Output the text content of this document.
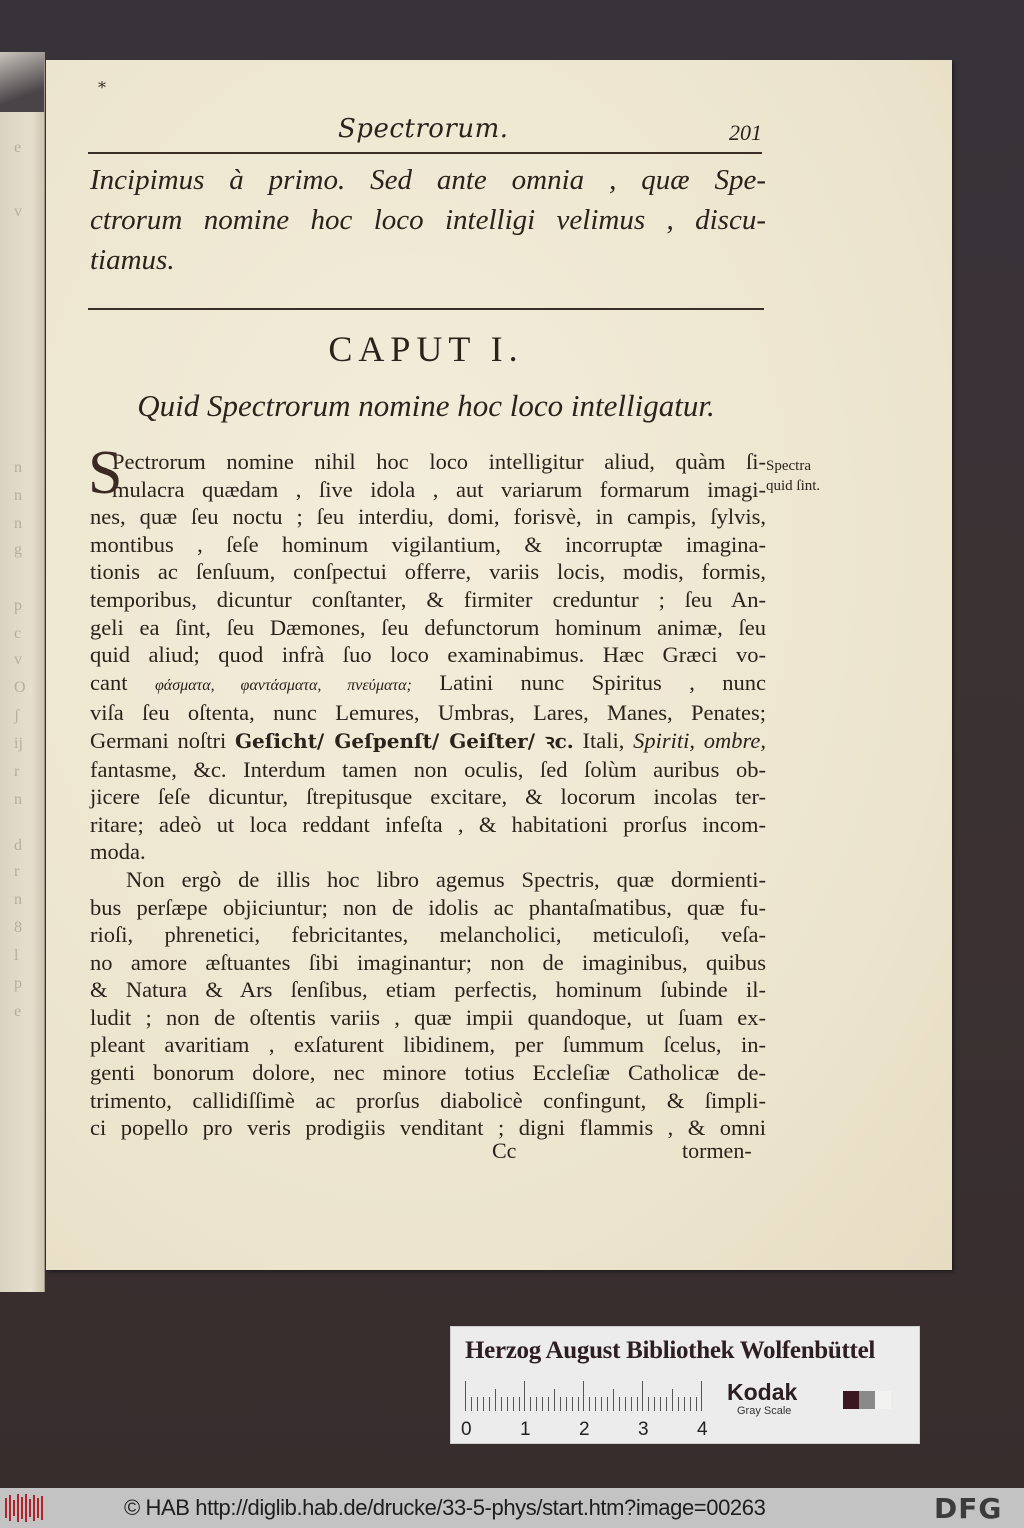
e
v
n
n
n
g
p
c
v
O
ʃ
ij
r
n
d
r
n
8
l
p
e
*
Spectrorum.	201
Incipimus à primo. Sed ante omnia , quæ Spe-
ctrorum nomine hoc loco intelligi velimus , discu-
tiamus.
CAPUT I.
Quid Spectrorum nomine hoc loco intelligatur.
S
Pectrorum nomine nihil hoc loco intelligitur aliud, quàm ſi-
mulacra quædam , ſive idola , aut variarum formarum imagi-
nes, quæ ſeu noctu ; ſeu interdiu, domi, forisvè, in campis, ſylvis,
montibus , ſeſe hominum vigilantium, & incorruptæ imagina-
tionis ac ſenſuum, conſpectui offerre, variis locis, modis, formis,
temporibus, dicuntur conſtanter, & firmiter creduntur ; ſeu An-
geli ea ſint, ſeu Dæmones, ſeu defunctorum hominum animæ, ſeu
quid aliud; quod infrà ſuo loco examinabimus. Hæc Græci vo-
cant φάσματα, φαντάσματα, πνεύματα; Latini nunc Spiritus , nunc
viſa ſeu oſtenta, nunc Lemures, Umbras, Lares, Manes, Penates;
Germani noſtri Geſicht/ Geſpenſt/ Geiſter/ ꝛc. Itali, Spiriti, ombre,
fantasme, &c. Interdum tamen non oculis, ſed ſolùm auribus ob-
jicere ſeſe dicuntur, ſtrepitusque excitare, & locorum incolas ter-
ritare; adeò ut loca reddant infeſta , & habitationi prorſus incom-
moda.
Non ergò de illis hoc libro agemus Spectris, quæ dormienti-
bus perſæpe objiciuntur; non de idolis ac phantaſmatibus, quæ fu-
rioſi, phrenetici, febricitantes, melancholici, meticuloſi, veſa-
no amore æſtuantes ſibi imaginantur; non de imaginibus, quibus
& Natura & Ars ſenſibus, etiam perfectis, hominum ſubinde il-
ludit ; non de oſtentis variis , quæ impii quandoque, ut ſuam ex-
pleant avaritiam , exſaturent libidinem, per ſummum ſcelus, in-
genti bonorum dolore, nec minore totius Eccleſiæ Catholicæ de-
trimento, callidiſſimè ac prorſus diabolicè confingunt, & ſimpli-
ci popello pro veris prodigiis venditant ; digni flammis , & omni
Spectra
quid ſint.
Cc	tormen-
Herzog August Bibliothek Wolfenbüttel
0	1	2	3	4
Kodak
Gray Scale
© HAB http://diglib.hab.de/drucke/33-5-phys/start.htm?image=00263	DFG
